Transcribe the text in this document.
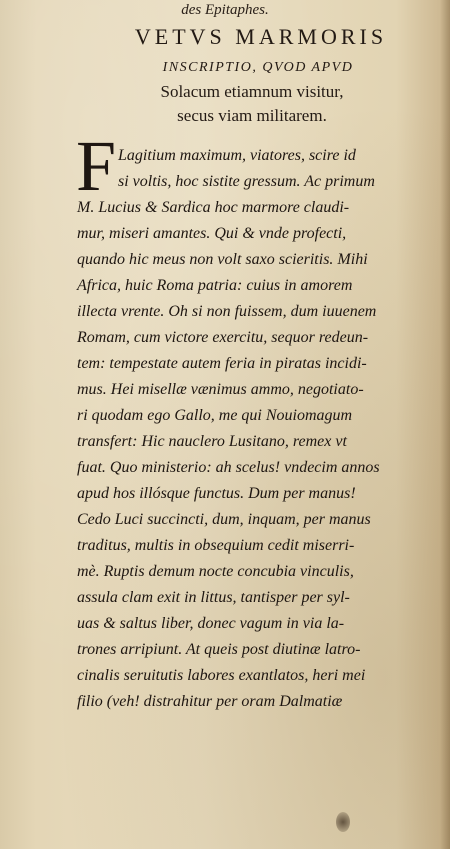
des Epitaphes.
VETVS MARMORIS
INSCRIPTIO, QVOD APVD
Solacum etiamnum visitur,
secus viam militarem.
F Lagitium maximum, viatores, scire id
si voltis, hoc sistite gressum. Ac primum
M. Lucius & Sardica hoc marmore claudi-
mur, miseri amantes. Qui & vnde profecti,
quando hic meus non volt saxo scieritis. Mihi
Africa, huic Roma patria: cuius in amorem
illecta vrente. Oh si non fuissem, dum iuuenem
Romam, cum victore exercitu, sequor redeun-
tem: tempestate autem feria in piratas incidi-
mus. Hei misellæ vænimus ammo, negotiato-
ri quodam ego Gallo, me qui Nouiomagum
transfert: Hic nauclero Lusitano, remex vt
fuat. Quo ministerio: ah scelus! vndecim annos
apud hos illósque functus. Dum per manus!
Cedo Luci succincti, dum, inquam, per manus
traditus, multis in obsequium cedit miserri-
mè. Ruptis demum nocte concubia vinculis,
assula clam exit in littus, tantisper per syl-
uas & saltus liber, donec vagum in via la-
trones arripiunt. At queis post diutinæ latro-
cinalis seruitutis labores exantlatos, heri mei
filio (veh! distrahitur per oram Dalmatiæ
